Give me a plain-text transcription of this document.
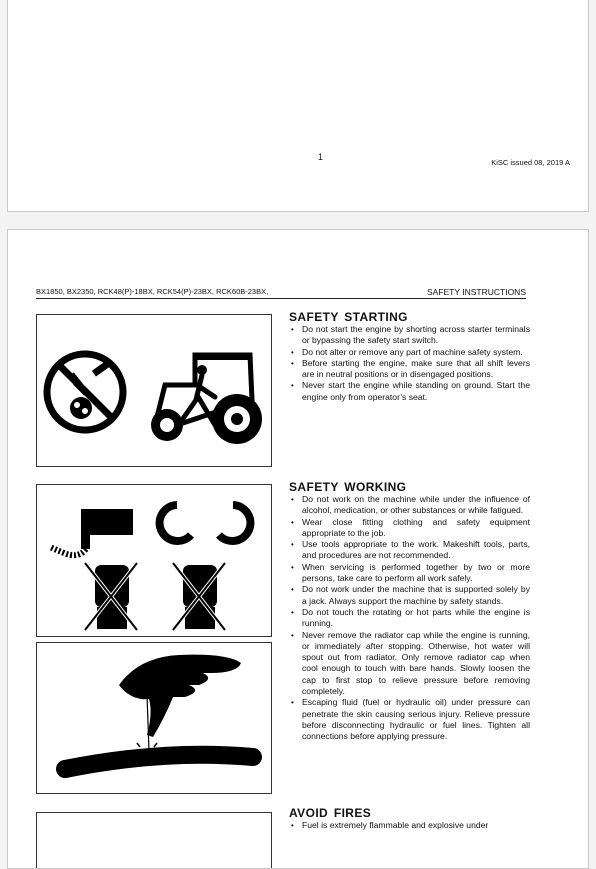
1
KiSC issued 08, 2019 A
BX1850, BX2350, RCK48(P)-18BX, RCK54(P)-23BX, RCK60B-23BX,	SAFETY INSTRUCTIONS
SAFETY STARTING
• Do not start the engine by shorting across starter terminals or bypassing the safety start switch.
• Do not alter or remove any part of machine safety system.
• Before starting the engine, make sure that all shift levers are in neutral positions or in disengaged positions.
• Never start the engine while standing on ground. Start the engine only from operator’s seat.
SAFETY WORKING
• Do not work on the machine while under the influence of alcohol, medication, or other substances or while fatigued.
• Wear close fitting clothing and safety equipment appropriate to the job.
• Use tools appropriate to the work. Makeshift tools, parts, and procedures are not recommended.
• When servicing is performed together by two or more persons, take care to perform all work safely.
• Do not work under the machine that is supported solely by a jack. Always support the machine by safety stands.
• Do not touch the rotating or hot parts while the engine is running.
• Never remove the radiator cap while the engine is running, or immediately after stopping. Otherwise, hot water will spout out from radiator. Only remove radiator cap when cool enough to touch with bare hands. Slowly loosen the cap to first stop to relieve pressure before removing completely.
• Escaping fluid (fuel or hydraulic oil) under pressure can penetrate the skin causing serious injury. Relieve pressure before disconnecting hydraulic or fuel lines. Tighten all connections before applying pressure.
AVOID FIRES
• Fuel is extremely flammable and explosive under
